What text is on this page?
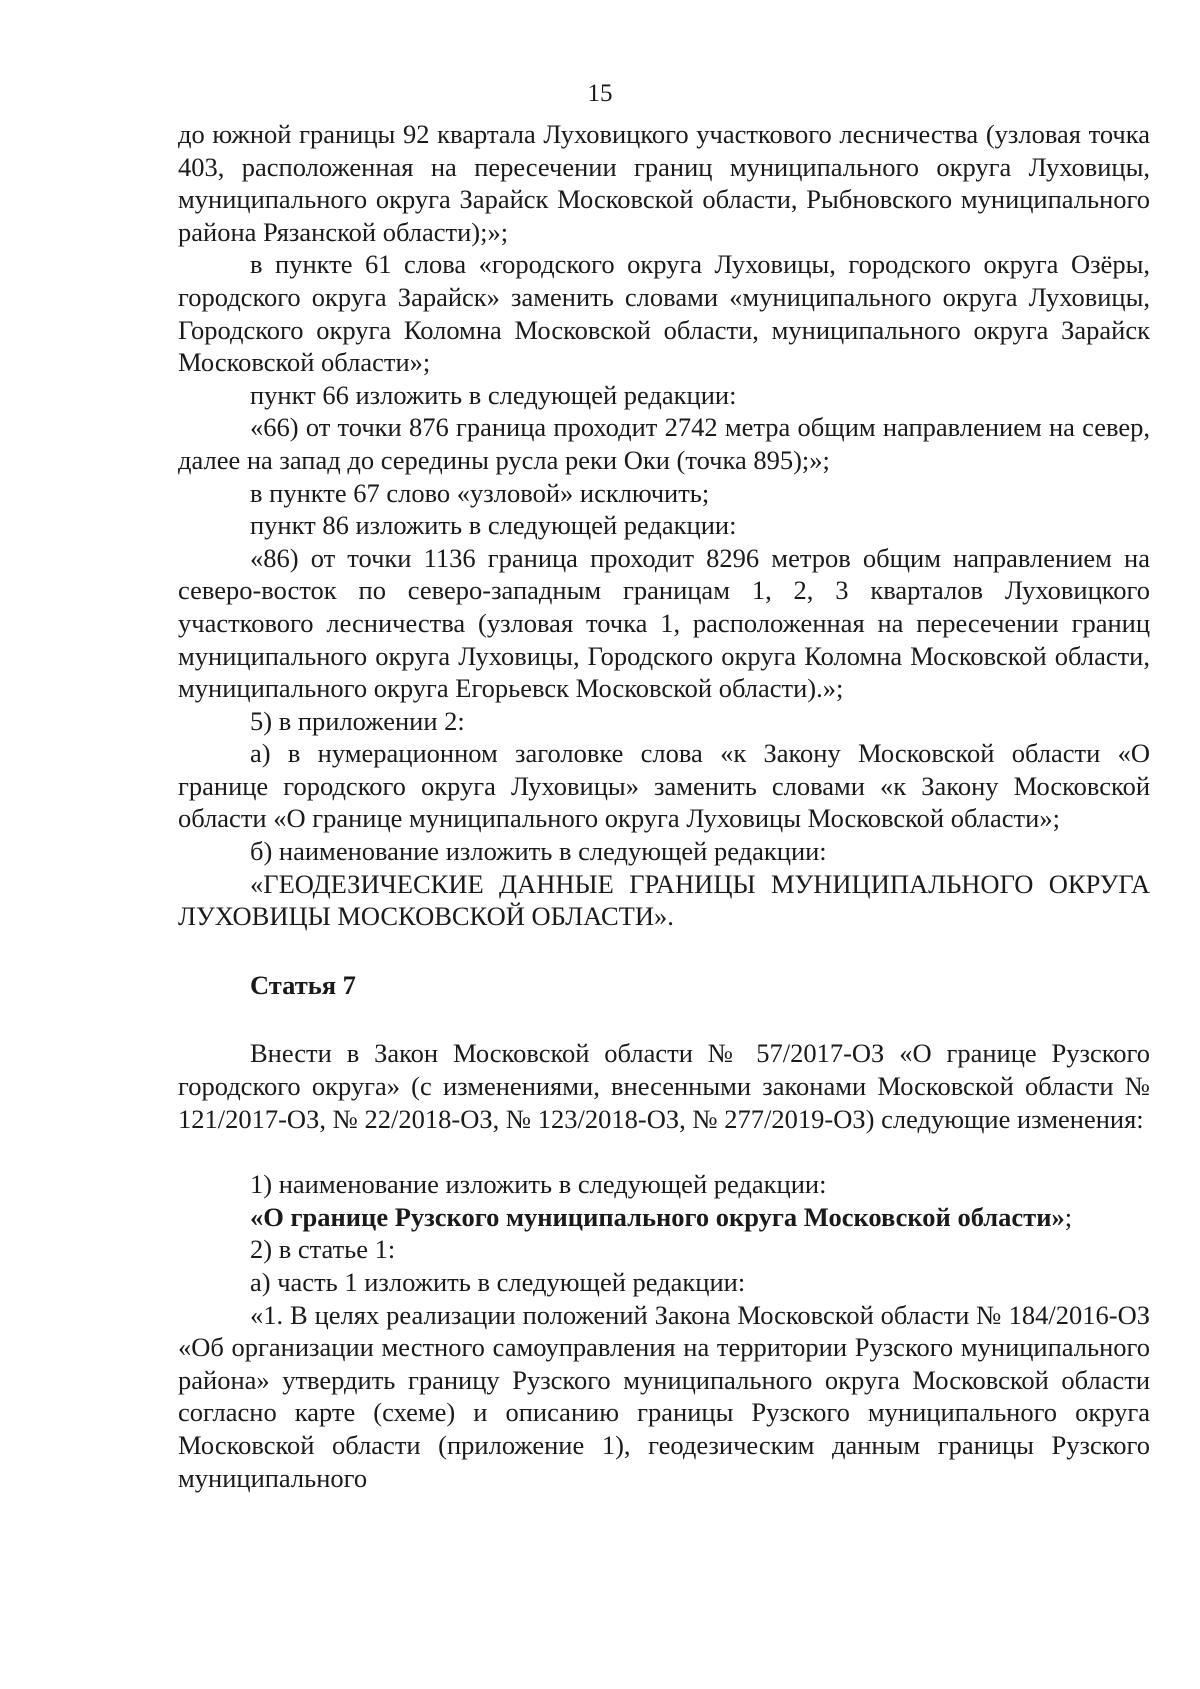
15

до южной границы 92 квартала Луховицкого участкового лесничества (узловая точка 403, расположенная на пересечении границ муниципального округа Луховицы, муниципального округа Зарайск Московской области, Рыбновского муниципального района Рязанской области);»;

в пункте 61 слова «городского округа Луховицы, городского округа Озёры, городского округа Зарайск» заменить словами «муниципального округа Луховицы, Городского округа Коломна Московской области, муниципального округа Зарайск Московской области»;

пункт 66 изложить в следующей редакции:

«66) от точки 876 граница проходит 2742 метра общим направлением на север, далее на запад до середины русла реки Оки (точка 895);»;

в пункте 67 слово «узловой» исключить;

пункт 86 изложить в следующей редакции:

«86) от точки 1136 граница проходит 8296 метров общим направлением на северо-восток по северо-западным границам 1, 2, 3 кварталов Луховицкого участкового лесничества (узловая точка 1, расположенная на пересечении границ муниципального округа Луховицы, Городского округа Коломна Московской области, муниципального округа Егорьевск Московской области).»;

5) в приложении 2:

а) в нумерационном заголовке слова «к Закону Московской области «О границе городского округа Луховицы» заменить словами «к Закону Московской области «О границе муниципального округа Луховицы Московской области»;

б) наименование изложить в следующей редакции:

«ГЕОДЕЗИЧЕСКИЕ ДАННЫЕ ГРАНИЦЫ МУНИЦИПАЛЬНОГО ОКРУГА ЛУХОВИЦЫ МОСКОВСКОЙ ОБЛАСТИ».

Статья 7

Внести в Закон Московской области № 57/2017-ОЗ «О границе Рузского городского округа» (с изменениями, внесенными законами Московской области № 121/2017-ОЗ, № 22/2018-ОЗ, № 123/2018-ОЗ, № 277/2019-ОЗ) следующие изменения:

1) наименование изложить в следующей редакции:

«О границе Рузского муниципального округа Московской области»;

2) в статье 1:

а) часть 1 изложить в следующей редакции:

«1. В целях реализации положений Закона Московской области № 184/2016-ОЗ «Об организации местного самоуправления на территории Рузского муниципального района» утвердить границу Рузского муниципального округа Московской области согласно карте (схеме) и описанию границы Рузского муниципального округа Московской области (приложение 1), геодезическим данным границы Рузского муниципального
